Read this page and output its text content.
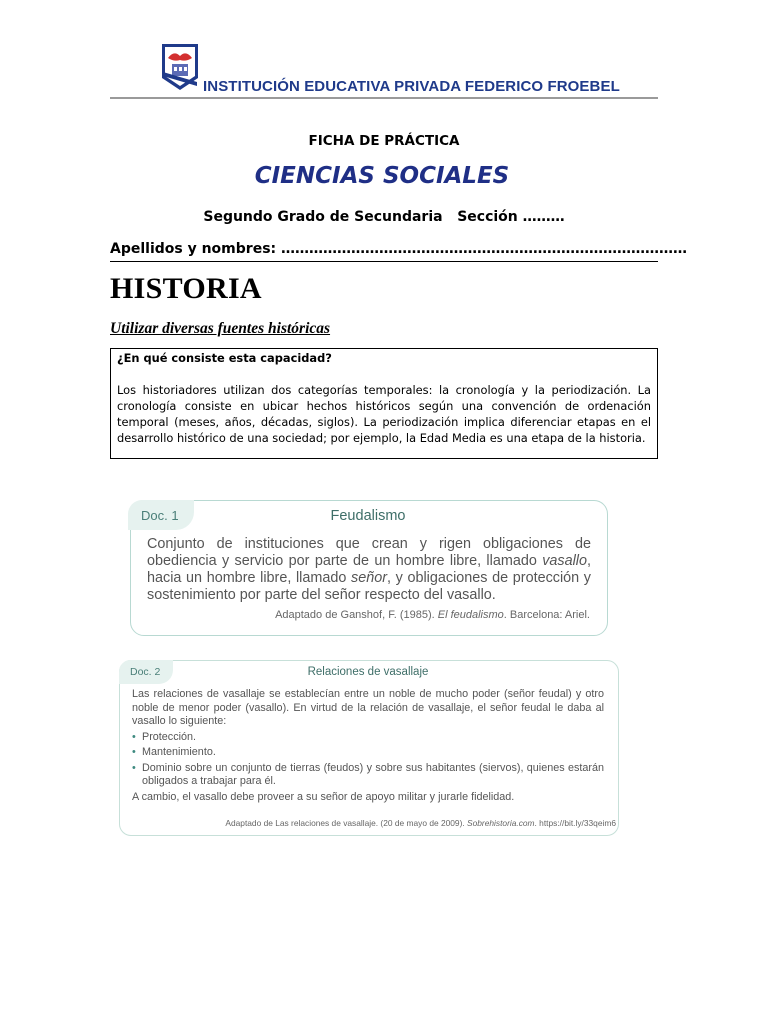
INSTITUCIÓN EDUCATIVA PRIVADA FEDERICO FROEBEL
FICHA DE PRÁCTICA
CIENCIAS SOCIALES
Segundo Grado de Secundaria   Sección ………
Apellidos y nombres: ……………………………………………………………………………
HISTORIA
Utilizar diversas fuentes históricas
¿En qué consiste esta capacidad?

Los historiadores utilizan dos categorías temporales: la cronología y la periodización. La cronología consiste en ubicar hechos históricos según una convención de ordenación temporal (meses, años, décadas, siglos). La periodización implica diferenciar etapas en el desarrollo histórico de una sociedad; por ejemplo, la Edad Media es una etapa de la historia.

Doc. 1	Feudalismo
Conjunto de instituciones que crean y rigen obligaciones de obediencia y servicio por parte de un hombre libre, llamado vasallo, hacia un hombre libre, llamado señor, y obligaciones de protección y sostenimiento por parte del señor respecto del vasallo.
Adaptado de Ganshof, F. (1985). El feudalismo. Barcelona: Ariel.
Doc. 2	Relaciones de vasallaje

Las relaciones de vasallaje se establecían entre un noble de mucho poder (señor feudal) y otro noble de menor poder (vasallo). En virtud de la relación de vasallaje, el señor feudal le daba al vasallo lo siguiente:

• Protección.
• Mantenimiento.
• Dominio sobre un conjunto de tierras (feudos) y sobre sus habitantes (siervos), quienes estarán obligados a trabajar para él.

A cambio, el vasallo debe proveer a su señor de apoyo militar y jurarle fidelidad.

Adaptado de Las relaciones de vasallaje. (20 de mayo de 2009). Sobrehistoria.com. https://bit.ly/33qeim6
